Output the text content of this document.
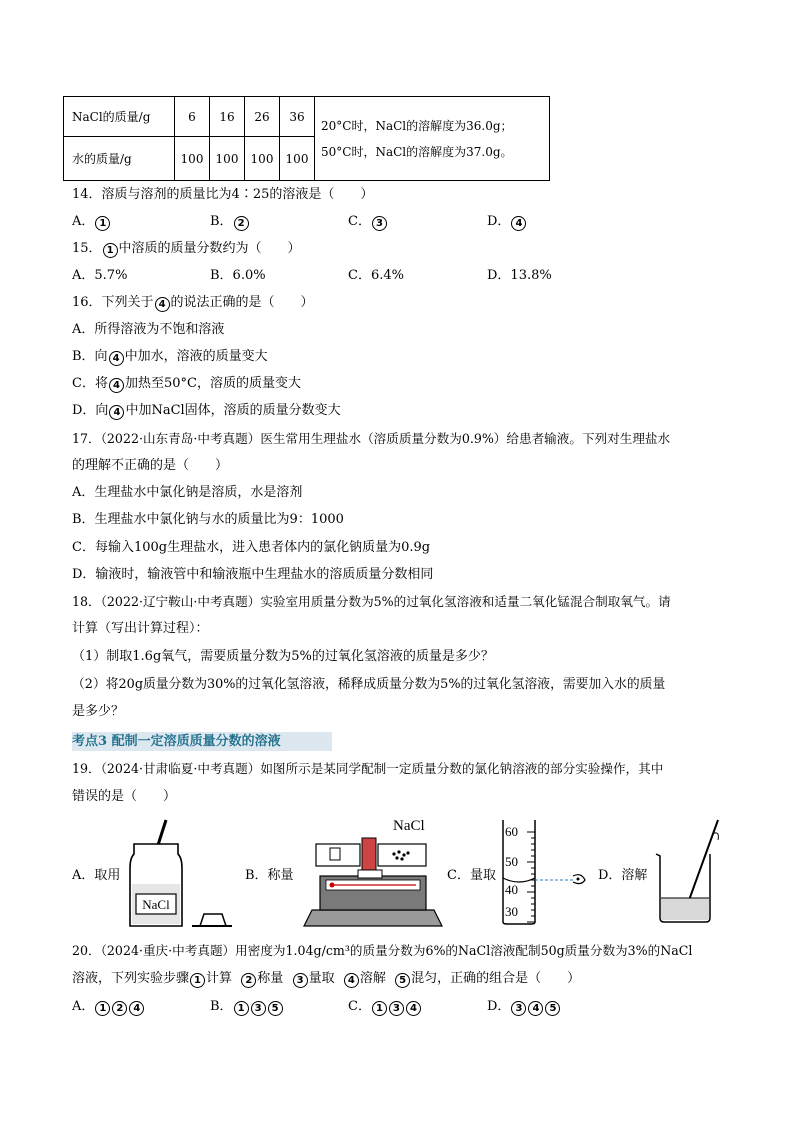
NaCl的质量/g	6	16	26	36	20°C时，NaCl的溶解度为36.0g；
50°C时，NaCl的溶解度为37.0g。

水的质量/g	100	100	100	100	
14．溶质与溶剂的质量比为4∶25的溶液是（　　）
A． 1	B． 2	C． 3	D． 4
15． 1 中溶质的质量分数约为（　　）
A．5.7%	B．6.0%	C．6.4%	D．13.8%
16．下列关于 4 的说法正确的是（　　）
A．所得溶液为不饱和溶液
B．向 4 中加水，溶液的质量变大
C．将 4 加热至50°C，溶质的质量变大
D．向 4 中加NaCl固体，溶质的质量分数变大
17．（2022·山东青岛·中考真题）医生常用生理盐水（溶质质量分数为0.9%）给患者输液。下列对生理盐水
的理解不正确的是（　　）
A．生理盐水中氯化钠是溶质，水是溶剂
B．生理盐水中氯化钠与水的质量比为9：1000
C．每输入100g生理盐水，进入患者体内的氯化钠质量为0.9g
D．输液时，输液管中和输液瓶中生理盐水的溶质质量分数相同
18．（2022·辽宁鞍山·中考真题）实验室用质量分数为5%的过氧化氢溶液和适量二氧化锰混合制取氧气。请
计算（写出计算过程）：
（1）制取1.6g氧气，需要质量分数为5%的过氧化氢溶液的质量是多少？
（2）将20g质量分数为30%的过氧化氢溶液，稀释成质量分数为5%的过氧化氢溶液，需要加入水的质量
是多少？
考点3 配制一定溶质质量分数的溶液
19．（2024·甘肃临夏·中考真题）如图所示是某同学配制一定质量分数的氯化钠溶液的部分实验操作，其中
错误的是（　　）
A．取用
NaCl
B．称量
NaCl
C．量取
60
50
40
30
D．溶解
20．（2024·重庆·中考真题）用密度为1.04g/cm³的质量分数为6%的NaCl溶液配制50g质量分数为3%的NaCl
溶液，下列实验步骤 1 计算 2 称量 3 量取 4 溶解 5 混匀，正确的组合是（　　）
A． 1 2 4	B． 1 3 5	C． 1 3 4	D． 3 4 5
